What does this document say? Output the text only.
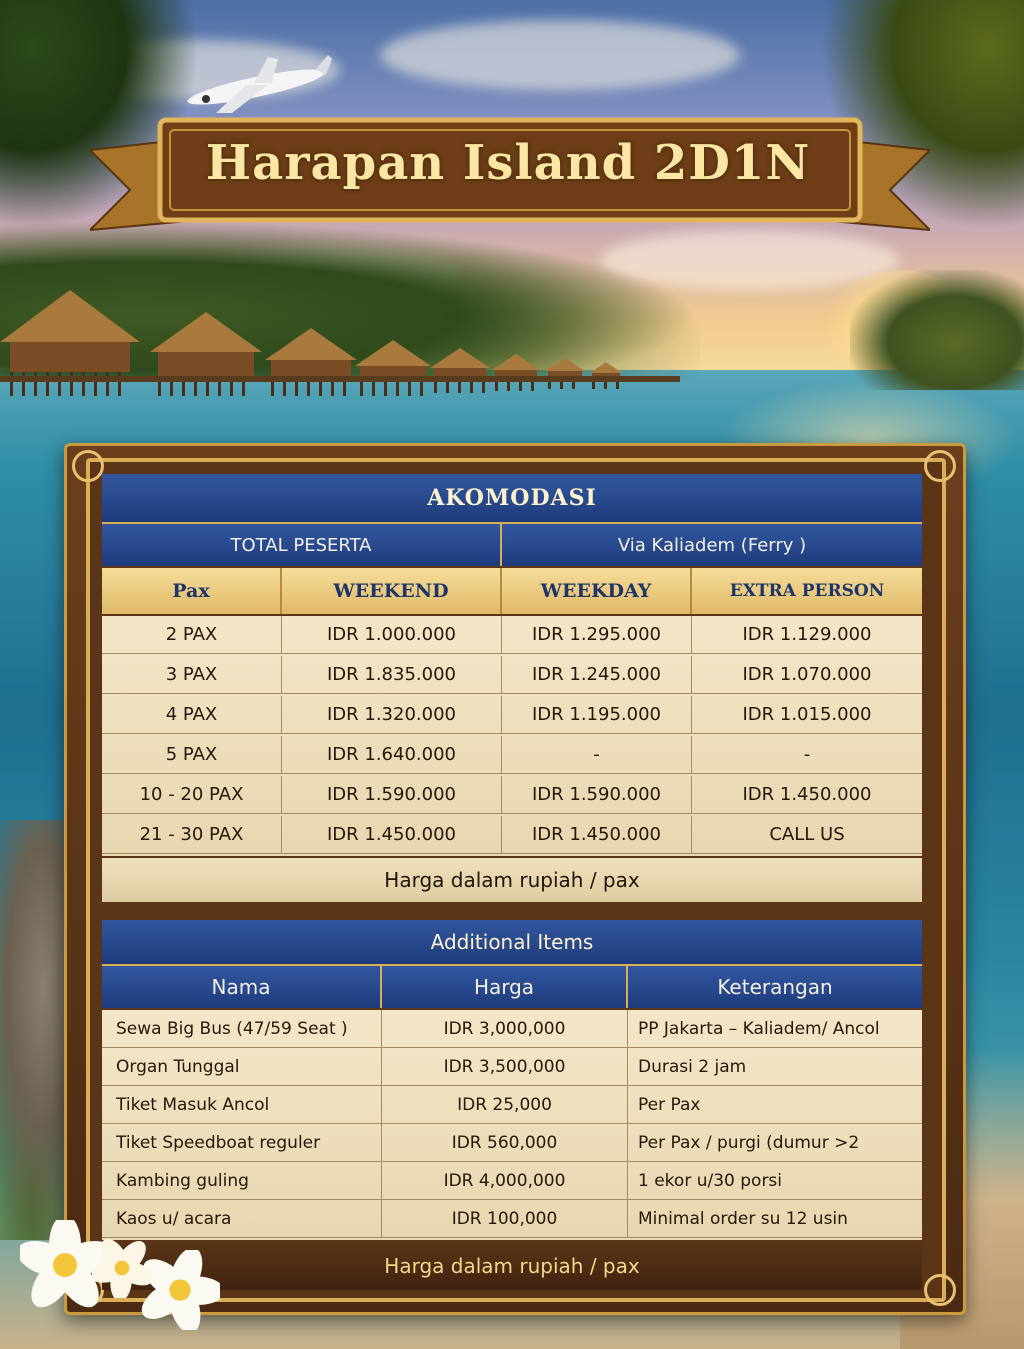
Harapan Island 2D1N
AKOMODASI
TOTAL PESERTA	Via Kaliadem (Ferry )
Pax	WEEKEND	WEEKDAY	EXTRA PERSON
2 PAX	IDR 1.000.000	IDR 1.295.000	IDR 1.129.000
3 PAX	IDR 1.835.000	IDR 1.245.000	IDR 1.070.000
4 PAX	IDR 1.320.000	IDR 1.195.000	IDR 1.015.000
5 PAX	IDR 1.640.000	-	-
10 - 20 PAX	IDR 1.590.000	IDR 1.590.000	IDR 1.450.000
21 - 30 PAX	IDR 1.450.000	IDR 1.450.000	CALL US
Harga dalam rupiah / pax
Additional Items
Nama	Harga	Keterangan
Sewa Big Bus (47/59 Seat )	IDR 3,000,000	PP Jakarta – Kaliadem/ Ancol
Organ Tunggal	IDR 3,500,000	Durasi 2 jam
Tiket Masuk Ancol	IDR 25,000	Per Pax
Tiket Speedboat reguler	IDR 560,000	Per Pax / purgi (dumur >2
Kambing guling	IDR 4,000,000	1 ekor u/30 porsi
Kaos u/ acara	IDR 100,000	Minimal order su 12 usin
Harga dalam rupiah / pax
